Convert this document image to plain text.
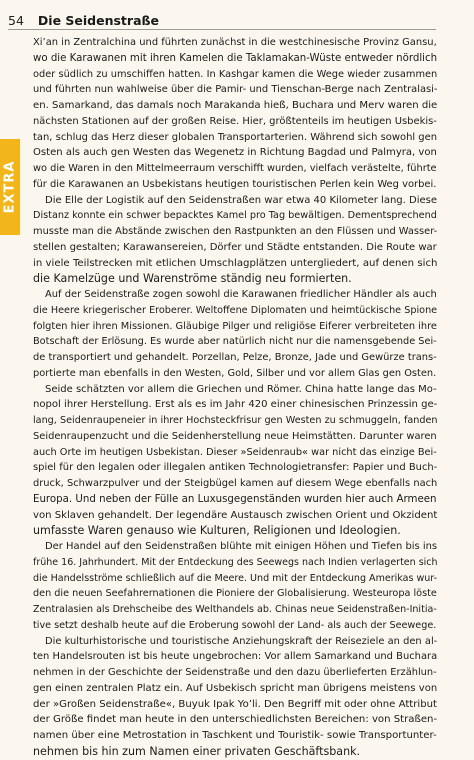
54 Die Seidenstraße
EXTRA
Xi’an in Zentralchina und führten zunächst in die westchinesische Provinz Gansu,
wo die Karawanen mit ihren Kamelen die Taklamakan-Wüste entweder nördlich
oder südlich zu umschiffen hatten. In Kashgar kamen die Wege wieder zusammen
und führten nun wahlweise über die Pamir- und Tienschan-Berge nach Zentralasi-
en. Samarkand, das damals noch Marakanda hieß, Buchara und Merv waren die
nächsten Stationen auf der großen Reise. Hier, größtenteils im heutigen Usbekis-
tan, schlug das Herz dieser globalen Transportarterien. Während sich sowohl gen
Osten als auch gen Westen das Wegenetz in Richtung Bagdad und Palmyra, von
wo die Waren in den Mittelmeerraum verschifft wurden, vielfach verästelte, führte
für die Karawanen an Usbekistans heutigen touristischen Perlen kein Weg vorbei.
Die Elle der Logistik auf den Seidenstraßen war etwa 40 Kilometer lang. Diese
Distanz konnte ein schwer bepacktes Kamel pro Tag bewältigen. Dementsprechend
musste man die Abstände zwischen den Rastpunkten an den Flüssen und Wasser-
stellen gestalten; Karawansereien, Dörfer und Städte entstanden. Die Route war
in viele Teilstrecken mit etlichen Umschlagplätzen untergliedert, auf denen sich
die Kamelzüge und Warenströme ständig neu formierten.
Auf der Seidenstraße zogen sowohl die Karawanen friedlicher Händler als auch
die Heere kriegerischer Eroberer. Weltoffene Diplomaten und heimtückische Spione
folgten hier ihren Missionen. Gläubige Pilger und religiöse Eiferer verbreiteten ihre
Botschaft der Erlösung. Es wurde aber natürlich nicht nur die namensgebende Sei-
de transportiert und gehandelt. Porzellan, Pelze, Bronze, Jade und Gewürze trans-
portierte man ebenfalls in den Westen, Gold, Silber und vor allem Glas gen Osten.
Seide schätzten vor allem die Griechen und Römer. China hatte lange das Mo-
nopol ihrer Herstellung. Erst als es im Jahr 420 einer chinesischen Prinzessin ge-
lang, Seidenraupeneier in ihrer Hochsteckfrisur gen Westen zu schmuggeln, fanden
Seidenraupenzucht und die Seidenherstellung neue Heimstätten. Darunter waren
auch Orte im heutigen Usbekistan. Dieser »Seidenraub« war nicht das einzige Bei-
spiel für den legalen oder illegalen antiken Technologietransfer: Papier und Buch-
druck, Schwarzpulver und der Steigbügel kamen auf diesem Wege ebenfalls nach
Europa. Und neben der Fülle an Luxusgegenständen wurden hier auch Armeen
von Sklaven gehandelt. Der legendäre Austausch zwischen Orient und Okzident
umfasste Waren genauso wie Kulturen, Religionen und Ideologien.
Der Handel auf den Seidenstraßen blühte mit einigen Höhen und Tiefen bis ins
frühe 16. Jahrhundert. Mit der Entdeckung des Seewegs nach Indien verlagerten sich
die Handelsströme schließlich auf die Meere. Und mit der Entdeckung Amerikas wur-
den die neuen Seefahrernationen die Pioniere der Globalisierung. Westeuropa löste
Zentralasien als Drehscheibe des Welthandels ab. Chinas neue Seidenstraßen-Initia-
tive setzt deshalb heute auf die Eroberung sowohl der Land- als auch der Seewege.
Die kulturhistorische und touristische Anziehungskraft der Reiseziele an den al-
ten Handelsrouten ist bis heute ungebrochen: Vor allem Samarkand und Buchara
nehmen in der Geschichte der Seidenstraße und den dazu überlieferten Erzählun-
gen einen zentralen Platz ein. Auf Usbekisch spricht man übrigens meistens von
der »Großen Seidenstraße«, Buyuk Ipak Yo’li. Den Begriff mit oder ohne Attribut
der Größe findet man heute in den unterschiedlichsten Bereichen: von Straßen-
namen über eine Metrostation in Taschkent und Touristik- sowie Transportunter-
nehmen bis hin zum Namen einer privaten Geschäftsbank.
